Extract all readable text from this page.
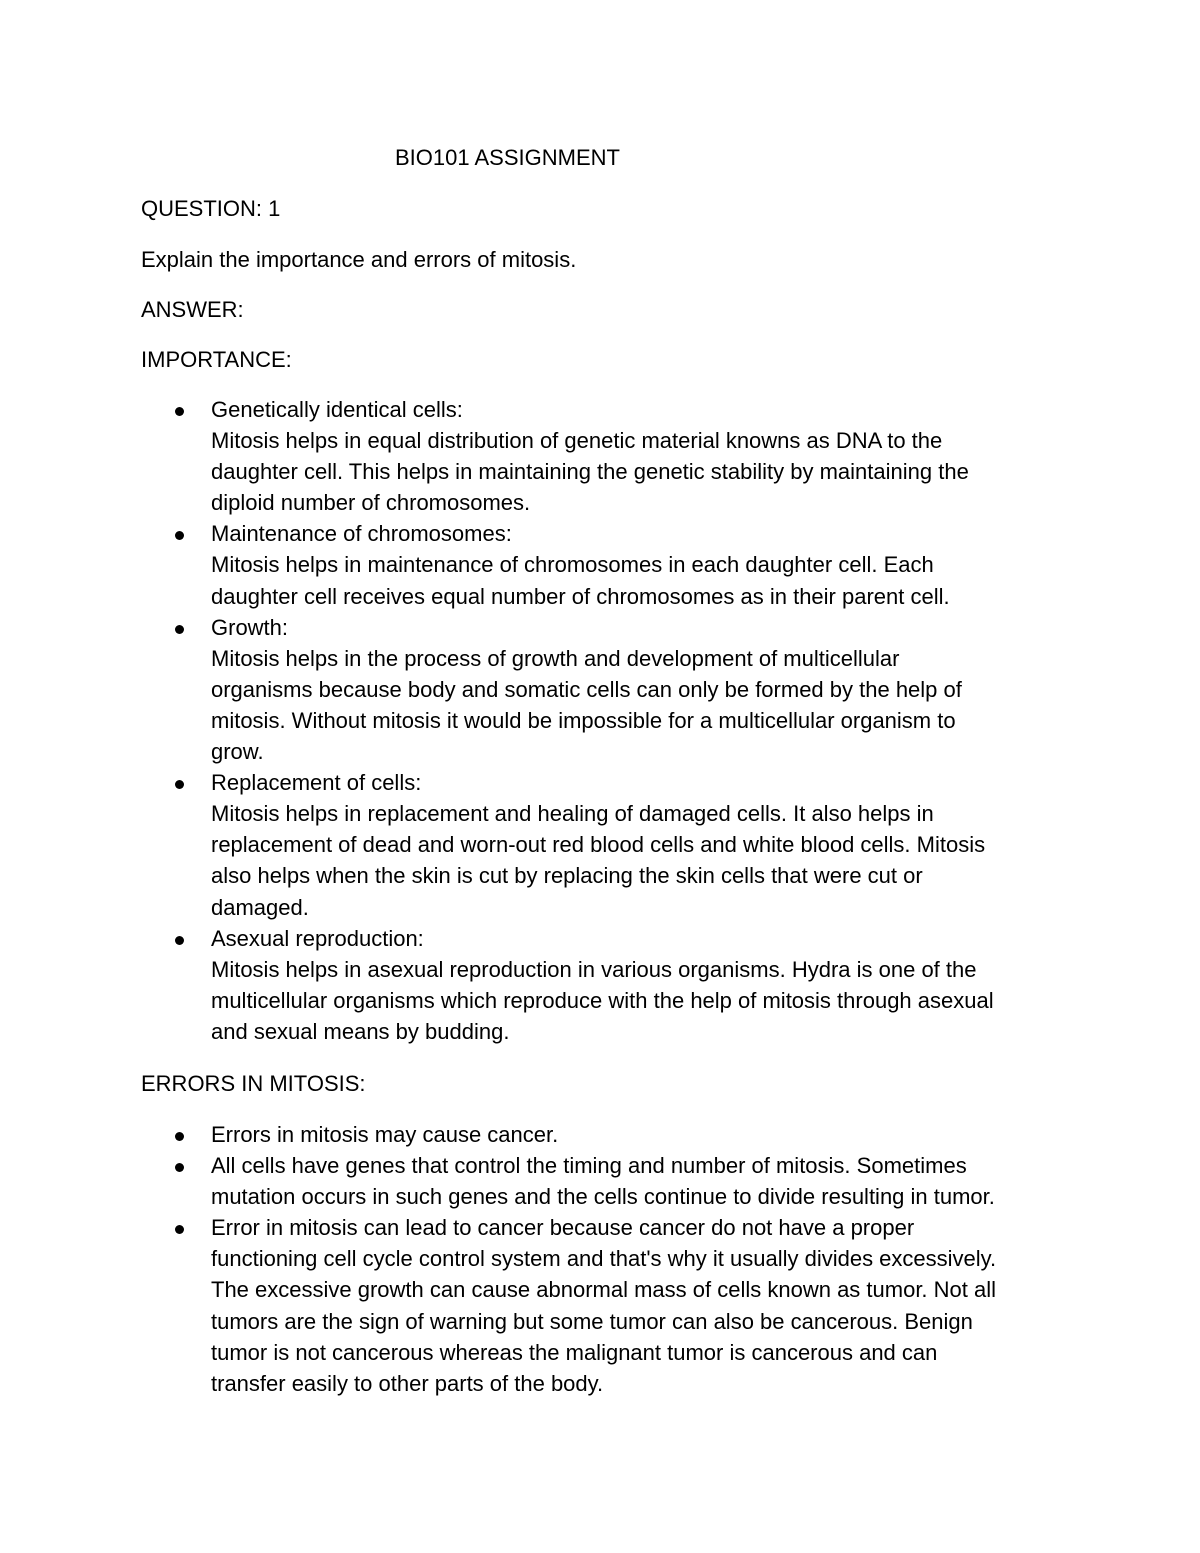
BIO101 ASSIGNMENT
QUESTION: 1
Explain the importance and errors of mitosis.
ANSWER:
IMPORTANCE:
Genetically identical cells:
Mitosis helps in equal distribution of genetic material knowns as DNA to the
daughter cell. This helps in maintaining the genetic stability by maintaining the
diploid number of chromosomes.
Maintenance of chromosomes:
Mitosis helps in maintenance of chromosomes in each daughter cell. Each
daughter cell receives equal number of chromosomes as in their parent cell.
Growth:
Mitosis helps in the process of growth and development of multicellular
organisms because body and somatic cells can only be formed by the help of
mitosis. Without mitosis it would be impossible for a multicellular organism to
grow.
Replacement of cells:
Mitosis helps in replacement and healing of damaged cells. It also helps in
replacement of dead and worn-out red blood cells and white blood cells. Mitosis
also helps when the skin is cut by replacing the skin cells that were cut or
damaged.
Asexual reproduction:
Mitosis helps in asexual reproduction in various organisms. Hydra is one of the
multicellular organisms which reproduce with the help of mitosis through asexual
and sexual means by budding.
ERRORS IN MITOSIS:
Errors in mitosis may cause cancer.
All cells have genes that control the timing and number of mitosis. Sometimes
mutation occurs in such genes and the cells continue to divide resulting in tumor.
Error in mitosis can lead to cancer because cancer do not have a proper
functioning cell cycle control system and that's why it usually divides excessively.
The excessive growth can cause abnormal mass of cells known as tumor. Not all
tumors are the sign of warning but some tumor can also be cancerous. Benign
tumor is not cancerous whereas the malignant tumor is cancerous and can
transfer easily to other parts of the body.
